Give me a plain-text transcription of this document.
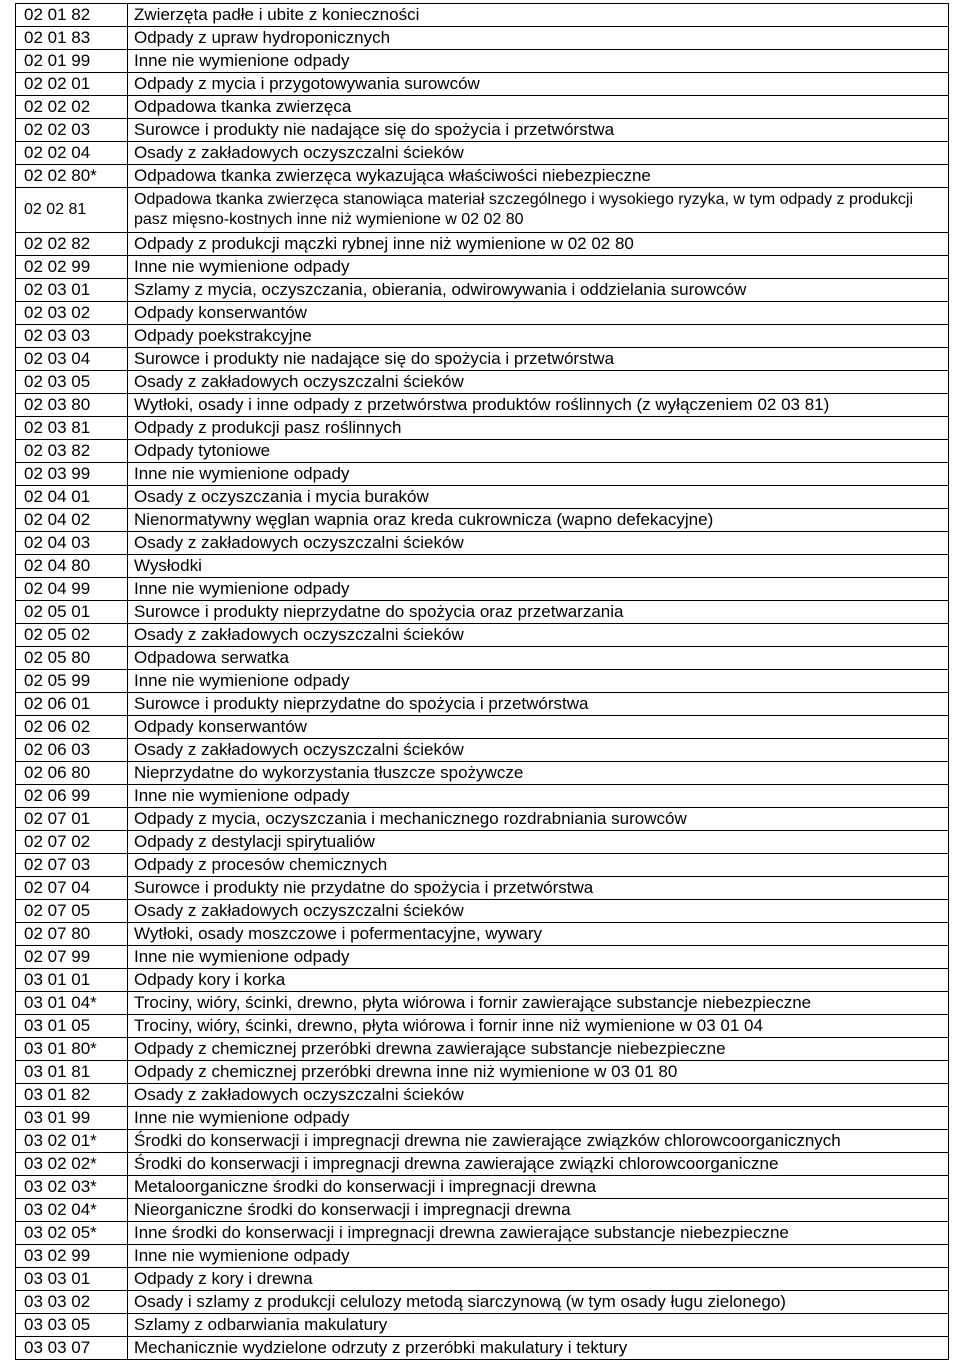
02 01 82	Zwierzęta padłe i ubite z konieczności
02 01 83	Odpady z upraw hydroponicznych
02 01 99	Inne nie wymienione odpady
02 02 01	Odpady z mycia i przygotowywania surowców
02 02 02	Odpadowa tkanka zwierzęca
02 02 03	Surowce i produkty nie nadające się do spożycia i przetwórstwa
02 02 04	Osady z zakładowych oczyszczalni ścieków
02 02 80*	Odpadowa tkanka zwierzęca wykazująca właściwości niebezpieczne
02 02 81	Odpadowa tkanka zwierzęca stanowiąca materiał szczególnego i wysokiego ryzyka, w tym odpady z produkcji pasz mięsno-kostnych inne niż wymienione w 02 02 80
02 02 82	Odpady z produkcji mączki rybnej inne niż wymienione w 02 02 80
02 02 99	Inne nie wymienione odpady
02 03 01	Szlamy z mycia, oczyszczania, obierania, odwirowywania i oddzielania surowców
02 03 02	Odpady konserwantów
02 03 03	Odpady poekstrakcyjne
02 03 04	Surowce i produkty nie nadające się do spożycia i przetwórstwa
02 03 05	Osady z zakładowych oczyszczalni ścieków
02 03 80	Wytłoki, osady i inne odpady z przetwórstwa produktów roślinnych (z wyłączeniem 02 03 81)
02 03 81	Odpady z produkcji pasz roślinnych
02 03 82	Odpady tytoniowe
02 03 99	Inne nie wymienione odpady
02 04 01	Osady z oczyszczania i mycia buraków
02 04 02	Nienormatywny węglan wapnia oraz kreda cukrownicza (wapno defekacyjne)
02 04 03	Osady z zakładowych oczyszczalni ścieków
02 04 80	Wysłodki
02 04 99	Inne nie wymienione odpady
02 05 01	Surowce i produkty nieprzydatne do spożycia oraz przetwarzania
02 05 02	Osady z zakładowych oczyszczalni ścieków
02 05 80	Odpadowa serwatka
02 05 99	Inne nie wymienione odpady
02 06 01	Surowce i produkty nieprzydatne do spożycia i przetwórstwa
02 06 02	Odpady konserwantów
02 06 03	Osady z zakładowych oczyszczalni ścieków
02 06 80	Nieprzydatne do wykorzystania tłuszcze spożywcze
02 06 99	Inne nie wymienione odpady
02 07 01	Odpady z mycia, oczyszczania i mechanicznego rozdrabniania surowców
02 07 02	Odpady z destylacji spirytualiów
02 07 03	Odpady z procesów chemicznych
02 07 04	Surowce i produkty nie przydatne do spożycia i przetwórstwa
02 07 05	Osady z zakładowych oczyszczalni ścieków
02 07 80	Wytłoki, osady moszczowe i pofermentacyjne, wywary
02 07 99	Inne nie wymienione odpady
03 01 01	Odpady kory i korka
03 01 04*	Trociny, wióry, ścinki, drewno, płyta wiórowa i fornir zawierające substancje niebezpieczne
03 01 05	Trociny, wióry, ścinki, drewno, płyta wiórowa i fornir inne niż wymienione w 03 01 04
03 01 80*	Odpady z chemicznej przeróbki drewna zawierające substancje niebezpieczne
03 01 81	Odpady z chemicznej przeróbki drewna inne niż wymienione w 03 01 80
03 01 82	Osady z zakładowych oczyszczalni ścieków
03 01 99	Inne nie wymienione odpady
03 02 01*	Środki do konserwacji i impregnacji drewna nie zawierające związków chlorowcoorganicznych
03 02 02*	Środki do konserwacji i impregnacji drewna zawierające związki chlorowcoorganiczne
03 02 03*	Metaloorganiczne środki do konserwacji i impregnacji drewna
03 02 04*	Nieorganiczne środki do konserwacji i impregnacji drewna
03 02 05*	Inne środki do konserwacji i impregnacji drewna zawierające substancje niebezpieczne
03 02 99	Inne nie wymienione odpady
03 03 01	Odpady z kory i drewna
03 03 02	Osady i szlamy z produkcji celulozy metodą siarczynową (w tym osady ługu zielonego)
03 03 05	Szlamy z odbarwiania makulatury
03 03 07	Mechanicznie wydzielone odrzuty z przeróbki makulatury i tektury
